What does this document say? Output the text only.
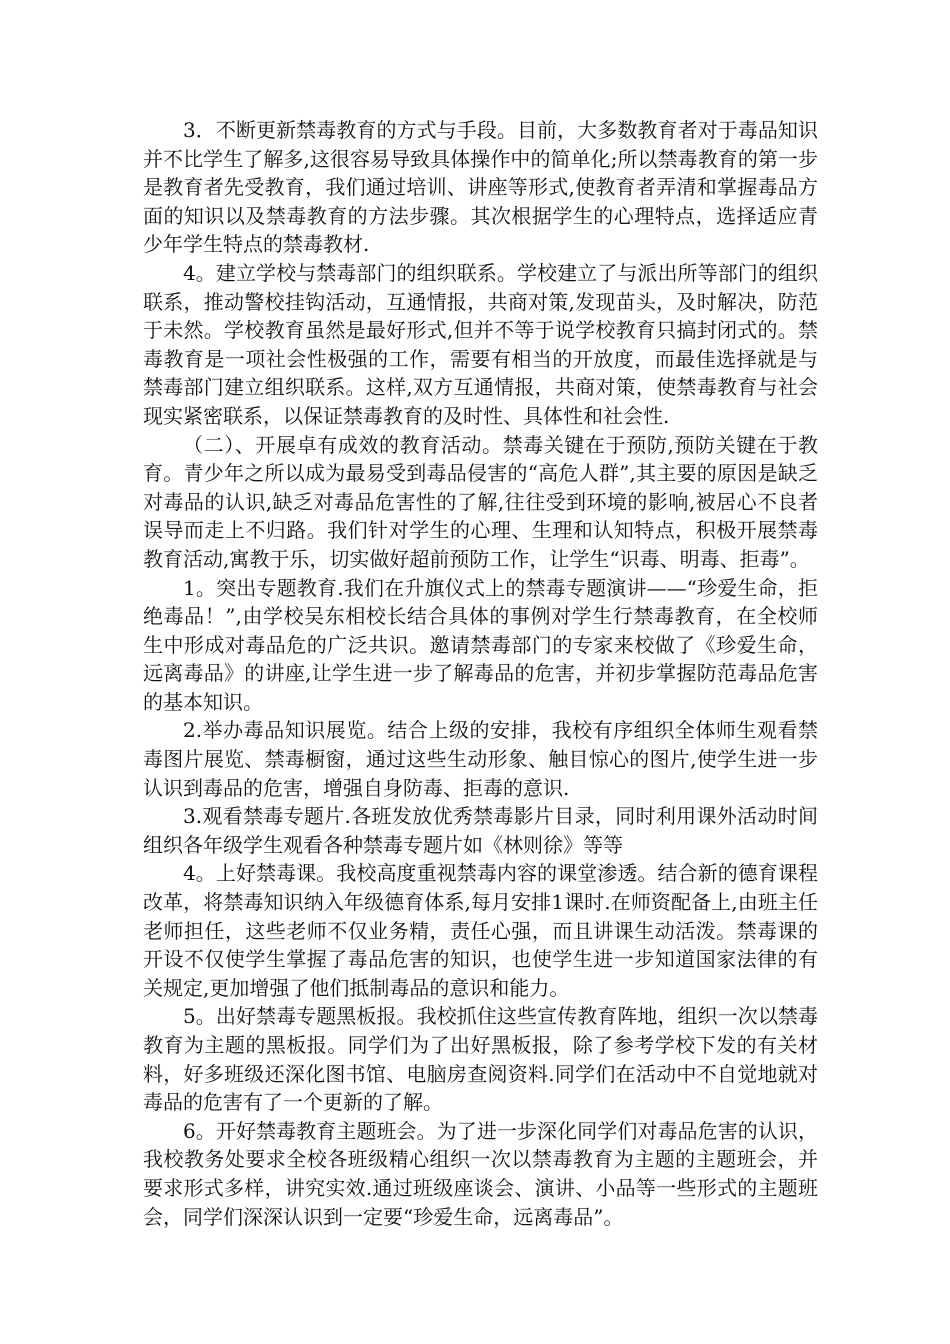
3．不断更新禁毒教育的方式与手段。目前，大多数教育者对于毒品知识并不比学生了解多,这很容易导致具体操作中的简单化;所以禁毒教育的第一步是教育者先受教育，我们通过培训、讲座等形式,使教育者弄清和掌握毒品方面的知识以及禁毒教育的方法步骤。其次根据学生的心理特点，选择适应青少年学生特点的禁毒教材.

4。建立学校与禁毒部门的组织联系。学校建立了与派出所等部门的组织联系，推动警校挂钩活动，互通情报，共商对策,发现苗头，及时解决，防范于未然。学校教育虽然是最好形式,但并不等于说学校教育只搞封闭式的。禁毒教育是一项社会性极强的工作，需要有相当的开放度，而最佳选择就是与禁毒部门建立组织联系。这样,双方互通情报，共商对策，使禁毒教育与社会现实紧密联系，以保证禁毒教育的及时性、具体性和社会性.

（二）、开展卓有成效的教育活动。禁毒关键在于预防,预防关键在于教育。青少年之所以成为最易受到毒品侵害的“高危人群”,其主要的原因是缺乏对毒品的认识,缺乏对毒品危害性的了解,往往受到环境的影响,被居心不良者误导而走上不归路。我们针对学生的心理、生理和认知特点，积极开展禁毒教育活动,寓教于乐，切实做好超前预防工作，让学生“识毒、明毒、拒毒”。

1。突出专题教育.我们在升旗仪式上的禁毒专题演讲——“珍爱生命，拒绝毒品！”,由学校吴东相校长结合具体的事例对学生行禁毒教育，在全校师生中形成对毒品危的广泛共识。邀请禁毒部门的专家来校做了《珍爱生命，远离毒品》的讲座,让学生进一步了解毒品的危害，并初步掌握防范毒品危害的基本知识。

2.举办毒品知识展览。结合上级的安排，我校有序组织全体师生观看禁毒图片展览、禁毒橱窗，通过这些生动形象、触目惊心的图片,使学生进一步认识到毒品的危害，增强自身防毒、拒毒的意识.

3.观看禁毒专题片.各班发放优秀禁毒影片目录，同时利用课外活动时间组织各年级学生观看各种禁毒专题片如《林则徐》等等

4。上好禁毒课。我校高度重视禁毒内容的课堂渗透。结合新的德育课程改革，将禁毒知识纳入年级德育体系,每月安排1课时.在师资配备上,由班主任老师担任，这些老师不仅业务精，责任心强，而且讲课生动活泼。禁毒课的开设不仅使学生掌握了毒品危害的知识，也使学生进一步知道国家法律的有关规定,更加增强了他们抵制毒品的意识和能力。

5。出好禁毒专题黑板报。我校抓住这些宣传教育阵地，组织一次以禁毒教育为主题的黑板报。同学们为了出好黑板报，除了参考学校下发的有关材料，好多班级还深化图书馆、电脑房查阅资料.同学们在活动中不自觉地就对毒品的危害有了一个更新的了解。

6。开好禁毒教育主题班会。为了进一步深化同学们对毒品危害的认识，我校教务处要求全校各班级精心组织一次以禁毒教育为主题的主题班会，并要求形式多样，讲究实效.通过班级座谈会、演讲、小品等一些形式的主题班会，同学们深深认识到一定要“珍爱生命，远离毒品”。
